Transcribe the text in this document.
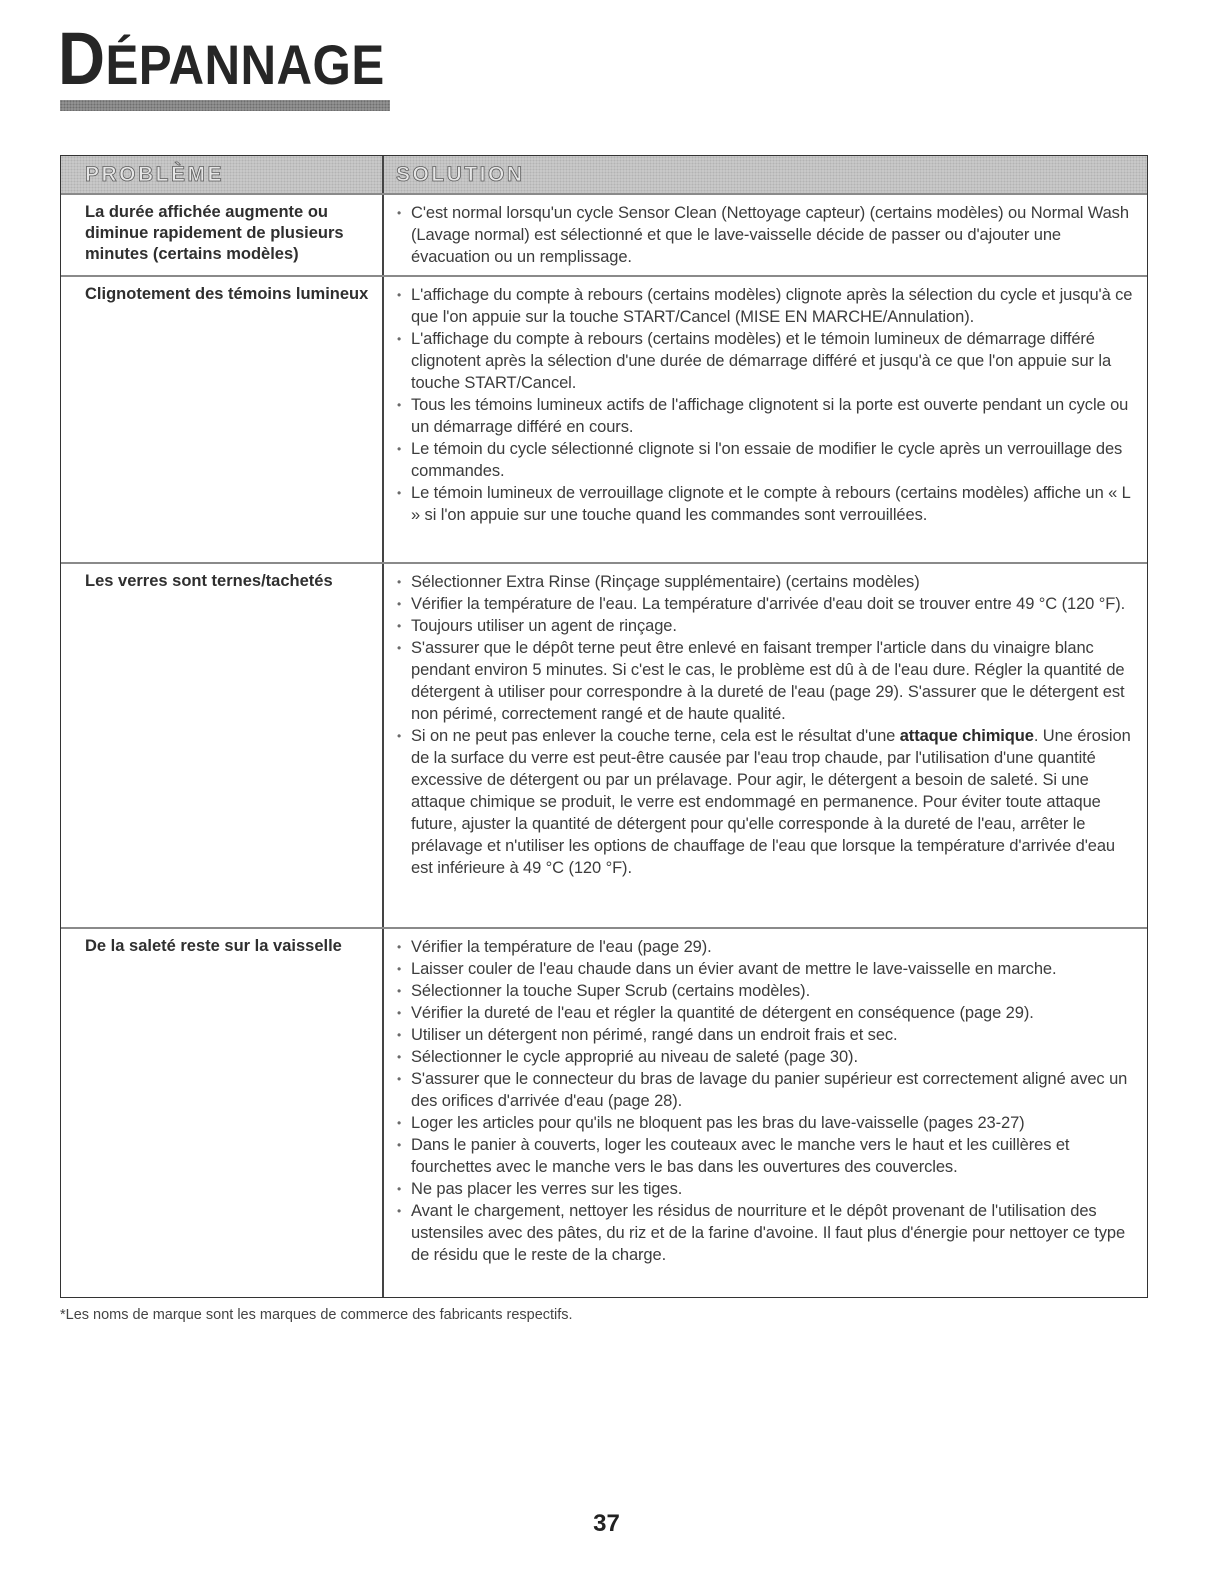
DÉPANNAGE
PROBLÈME	SOLUTION
La durée affichée augmente ou diminue rapidement de plusieurs minutes (certains modèles)
• C'est normal lorsqu'un cycle Sensor Clean (Nettoyage capteur) (certains modèles) ou Normal Wash (Lavage normal) est sélectionné et que le lave-vaisselle décide de passer ou d'ajouter une évacuation ou un remplissage.
Clignotement des témoins lumineux	• L'affichage du compte à rebours (certains modèles) clignote après la sélection du cycle et jusqu'à ce que l'on appuie sur la touche START/Cancel (MISE EN MARCHE/Annulation).
• L'affichage du compte à rebours (certains modèles) et le témoin lumineux de démarrage différé clignotent après la sélection d'une durée de démarrage différé et jusqu'à ce que l'on appuie sur la touche START/Cancel.
• Tous les témoins lumineux actifs de l'affichage clignotent si la porte est ouverte pendant un cycle ou un démarrage différé en cours.
• Le témoin du cycle sélectionné clignote si l'on essaie de modifier le cycle après un verrouillage des commandes.
• Le témoin lumineux de verrouillage clignote et le compte à rebours (certains modèles) affiche un « L » si l'on appuie sur une touche quand les commandes sont verrouillées.
Les verres sont ternes/tachetés	• Sélectionner Extra Rinse (Rinçage supplémentaire) (certains modèles)
• Vérifier la température de l'eau. La température d'arrivée d'eau doit se trouver entre 49 °C (120 °F).
• Toujours utiliser un agent de rinçage.
• S'assurer que le dépôt terne peut être enlevé en faisant tremper l'article dans du vinaigre blanc pendant environ 5 minutes. Si c'est le cas, le problème est dû à de l'eau dure. Régler la quantité de détergent à utiliser pour correspondre à la dureté de l'eau (page 29). S'assurer que le détergent est non périmé, correctement rangé et de haute qualité.
• Si on ne peut pas enlever la couche terne, cela est le résultat d'une attaque chimique. Une érosion de la surface du verre est peut-être causée par l'eau trop chaude, par l'utilisation d'une quantité excessive de détergent ou par un prélavage. Pour agir, le détergent a besoin de saleté. Si une attaque chimique se produit, le verre est endommagé en permanence. Pour éviter toute attaque future, ajuster la quantité de détergent pour qu'elle corresponde à la dureté de l'eau, arrêter le prélavage et n'utiliser les options de chauffage de l'eau que lorsque la température d'arrivée d'eau est inférieure à 49 °C (120 °F).
De la saleté reste sur la vaisselle	• Vérifier la température de l'eau (page 29).
• Laisser couler de l'eau chaude dans un évier avant de mettre le lave-vaisselle en marche.
• Sélectionner la touche Super Scrub (certains modèles).
• Vérifier la dureté de l'eau et régler la quantité de détergent en conséquence (page 29).
• Utiliser un détergent non périmé, rangé dans un endroit frais et sec.
• Sélectionner le cycle approprié au niveau de saleté (page 30).
• S'assurer que le connecteur du bras de lavage du panier supérieur est correctement aligné avec un des orifices d'arrivée d'eau (page 28).
• Loger les articles pour qu'ils ne bloquent pas les bras du lave-vaisselle (pages 23-27)
• Dans le panier à couverts, loger les couteaux avec le manche vers le haut et les cuillères et fourchettes avec le manche vers le bas dans les ouvertures des couvercles.
• Ne pas placer les verres sur les tiges.
• Avant le chargement, nettoyer les résidus de nourriture et le dépôt provenant de l'utilisation des ustensiles avec des pâtes, du riz et de la farine d'avoine. Il faut plus d'énergie pour nettoyer ce type de résidu que le reste de la charge.
*Les noms de marque sont les marques de commerce des fabricants respectifs.
37
